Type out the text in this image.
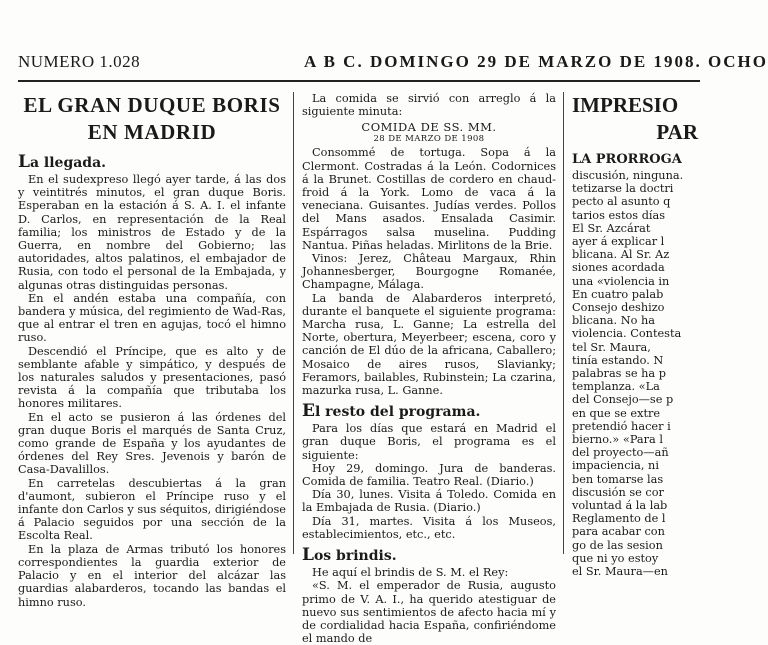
NUMERO 1.028	A B C. DOMINGO 29 DE MARZO DE 1908. OCHO
EL GRAN DUQUE BORIS EN MADRID
La llegada.

En el sudexpreso llegó ayer tarde, á las dos y veintitrés minutos, el gran duque Boris. Esperaban en la estación á S. A. I. el infante D. Carlos, en representación de la Real familia; los ministros de Estado y de la Guerra, en nombre del Gobierno; las autoridades, altos palatinos, el embajador de Rusia, con todo el personal de la Embajada, y algunas otras distinguidas personas.

En el andén estaba una compañía, con bandera y música, del regimiento de Wad-Ras, que al entrar el tren en agujas, tocó el himno ruso.

Descendió el Príncipe, que es alto y de semblante afable y simpático, y después de los naturales saludos y presentaciones, pasó revista á la compañía que tributaba los honores militares.

En el acto se pusieron á las órdenes del gran duque Boris el marqués de Santa Cruz, como grande de España y los ayudantes de órdenes del Rey Sres. Jevenois y barón de Casa-Davalillos.

En carretelas descubiertas á la gran d'aumont, subieron el Príncipe ruso y el infante don Carlos y sus séquitos, dirigiéndose á Palacio seguidos por una sección de la Escolta Real.

En la plaza de Armas tributó los honores correspondientes la guardia exterior de Palacio y en el interior del alcázar las guardias alabarderos, tocando las bandas el himno ruso.

La comida se sirvió con arreglo á la siguiente minuta:

COMIDA DE SS. MM.
28 DE MARZO DE 1908

Consommé de tortuga. Sopa á la Clermont. Costradas á la León. Codornices á la Brunet. Costillas de cordero en chaud-froid á la York. Lomo de vaca á la veneciana. Guisantes. Judías verdes. Pollos del Mans asados. Ensalada Casimir. Espárragos salsa muselina. Pudding Nantua. Piñas heladas. Mirlitons de la Brie.

Vinos: Jerez, Château Margaux, Rhin Johannesberger, Bourgogne Romanée, Champagne, Málaga.

La banda de Alabarderos interpretó, durante el banquete el siguiente programa: Marcha rusa, L. Ganne; La estrella del Norte, obertura, Meyerbeer; escena, coro y canción de El dúo de la africana, Caballero; Mosaico de aires rusos, Slavianky; Feramors, bailables, Rubinstein; La czarina, mazurka rusa, L. Ganne.

El resto del programa.

Para los días que estará en Madrid el gran duque Boris, el programa es el siguiente:

Hoy 29, domingo. Jura de banderas. Comida de familia. Teatro Real. (Diario.)

Día 30, lunes. Visita á Toledo. Comida en la Embajada de Rusia. (Diario.)

Día 31, martes. Visita á los Museos, establecimientos, etc., etc.

Los brindis.

He aquí el brindis de S. M. el Rey:

«S. M. el emperador de Rusia, augusto primo de V. A. I., ha querido atestiguar de nuevo sus sentimientos de afecto hacia mí y de cordialidad hacia España, confiriéndome el mando de

IMPRESIO
PAR
LA PRORROGA
discusión, ninguna.
tetizarse la doctri
pecto al asunto q
tarios estos días
El Sr. Azcárat
ayer á explicar l
blicana. Al Sr. Az
siones acordada
una «violencia in
En cuatro palab
Consejo deshizo
blicana. No ha
violencia. Contesta
tel Sr. Maura,
tinía estando. N
palabras se ha p
templanza. «La
del Consejo—se p
en que se extre
pretendió hacer i
bierno.» «Para l
del proyecto—añ
impaciencia, ni
ben tomarse las
discusión se cor
voluntad á la lab
Reglamento de l
para acabar con
go de las sesion
que ni yo estoy
el Sr. Maura—en
